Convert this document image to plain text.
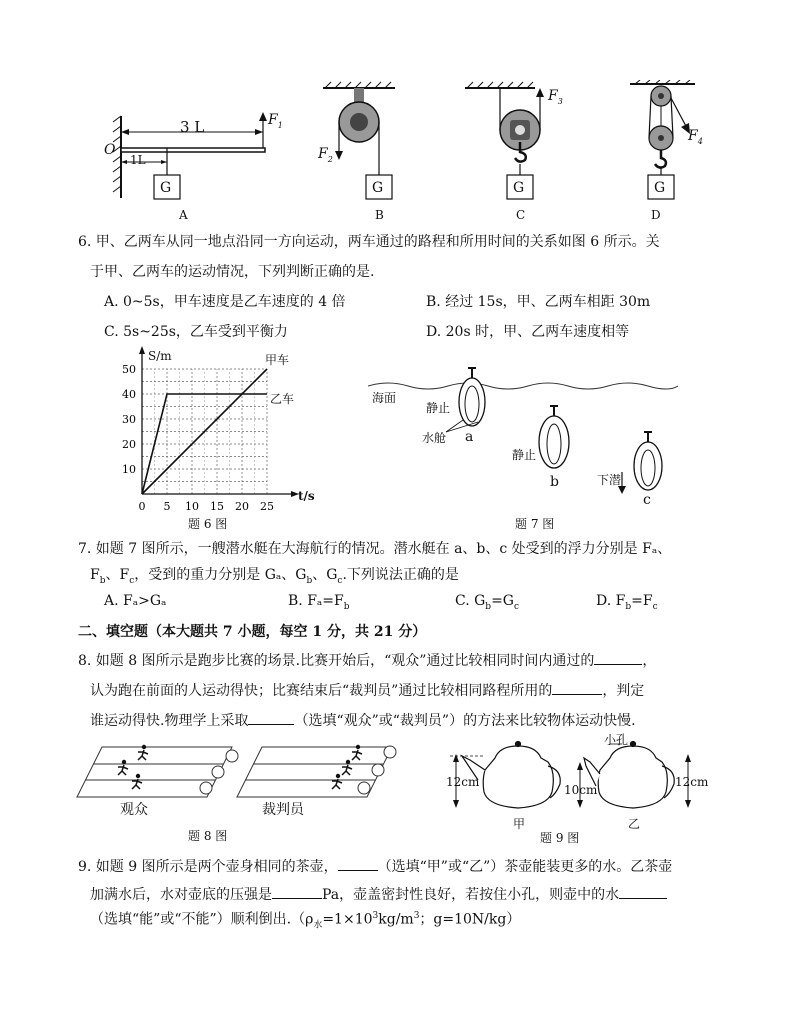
3 L
1L
O
$F_1$
G
A
$F_2$
G
B
$F_3$
G
C
$F_4$
G
D
6. 甲、乙两车从同一地点沿同一方向运动，两车通过的路程和所用时间的关系如图 6 所示。关
于甲、乙两车的运动情况，下列判断正确的是.
A. 0~5s，甲车速度是乙车速度的 4 倍	B. 经过 15s，甲、乙两车相距 30m
C. 5s~25s，乙车受到平衡力	D. 20s 时，甲、乙两车速度相等
0 5 10 15 20 25
10
20
30
40
50
S/m
t/s
甲车
乙车
题 6 图
海面
静止
水舱 a
静止
b	下潜
c
题 7 图
7. 如题 7 图所示，一艘潜水艇在大海航行的情况。潜水艇在 a、b、c 处受到的浮力分别是 Fₐ、
$F_b$、$F_c$，受到的重力分别是 Gₐ、$G_b$、$G_c$.下列说法正确的是
A. Fₐ>Gₐ	B. $F_a=F_b$	C. $G_b=G_c$	D. $F_b=F_c$
二、填空题（本大题共 7 小题，每空 1 分，共 21 分）
8. 如题 8 图所示是跑步比赛的场景.比赛开始后，“观众”通过比较相同时间内通过的	，
认为跑在前面的人运动得快；比赛结束后“裁判员”通过比较相同路程所用的	，判定
谁运动得快.物理学上采取	（选填“观众”或“裁判员”）的方法来比较物体运动快慢.
观众	裁判员
题 8 图
小孔
12cm
10cm
12cm
甲	乙
题 9 图
9. 如题 9 图所示是两个壶身相同的茶壶，	（选填“甲”或“乙”）茶壶能装更多的水。乙茶壶
加满水后，水对壶底的压强是	Pa，壶盖密封性良好，若按住小孔，则壶中的水
（选填“能”或“不能”）顺利倒出$.(\rho_水=1\times 10^3kg/m^3$；g=10N/kg）
